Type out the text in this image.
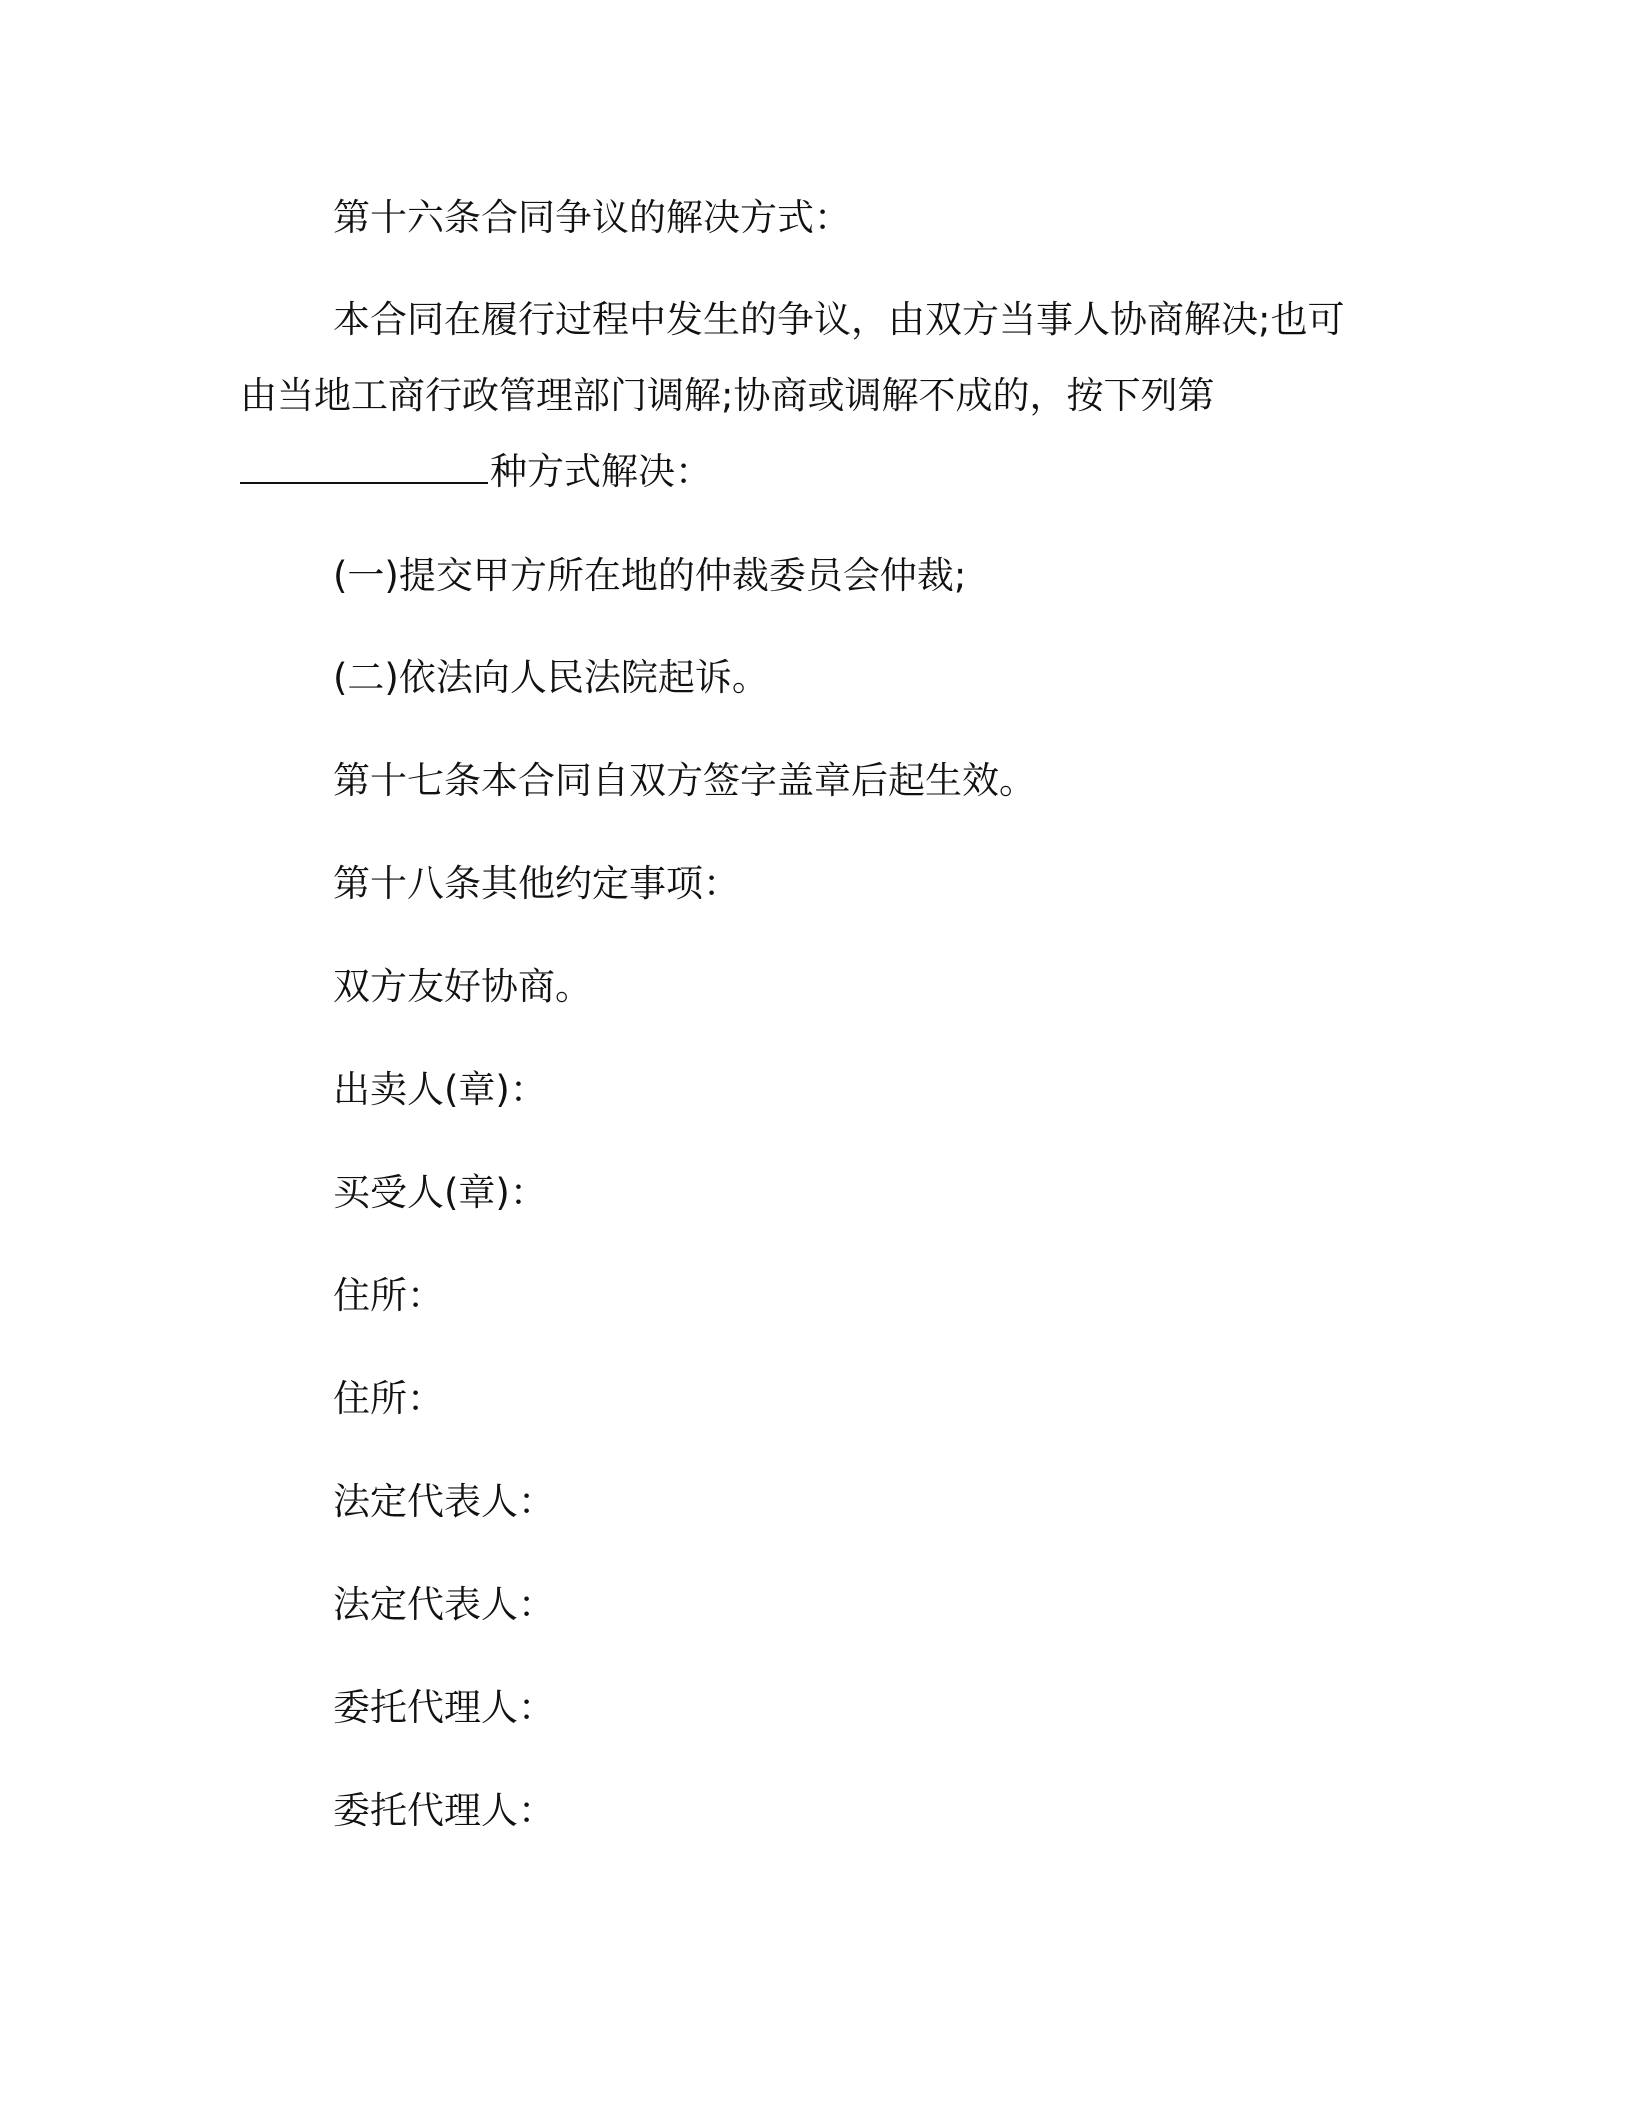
第十六条合同争议的解决方式：
本合同在履行过程中发生的争议，由双方当事人协商解决;也可
由当地工商行政管理部门调解;协商或调解不成的，按下列第
种方式解决：
(一)提交甲方所在地的仲裁委员会仲裁;
(二)依法向人民法院起诉。
第十七条本合同自双方签字盖章后起生效。
第十八条其他约定事项：
双方友好协商。
出卖人(章)：
买受人(章)：
住所：
住所：
法定代表人：
法定代表人：
委托代理人：
委托代理人：
